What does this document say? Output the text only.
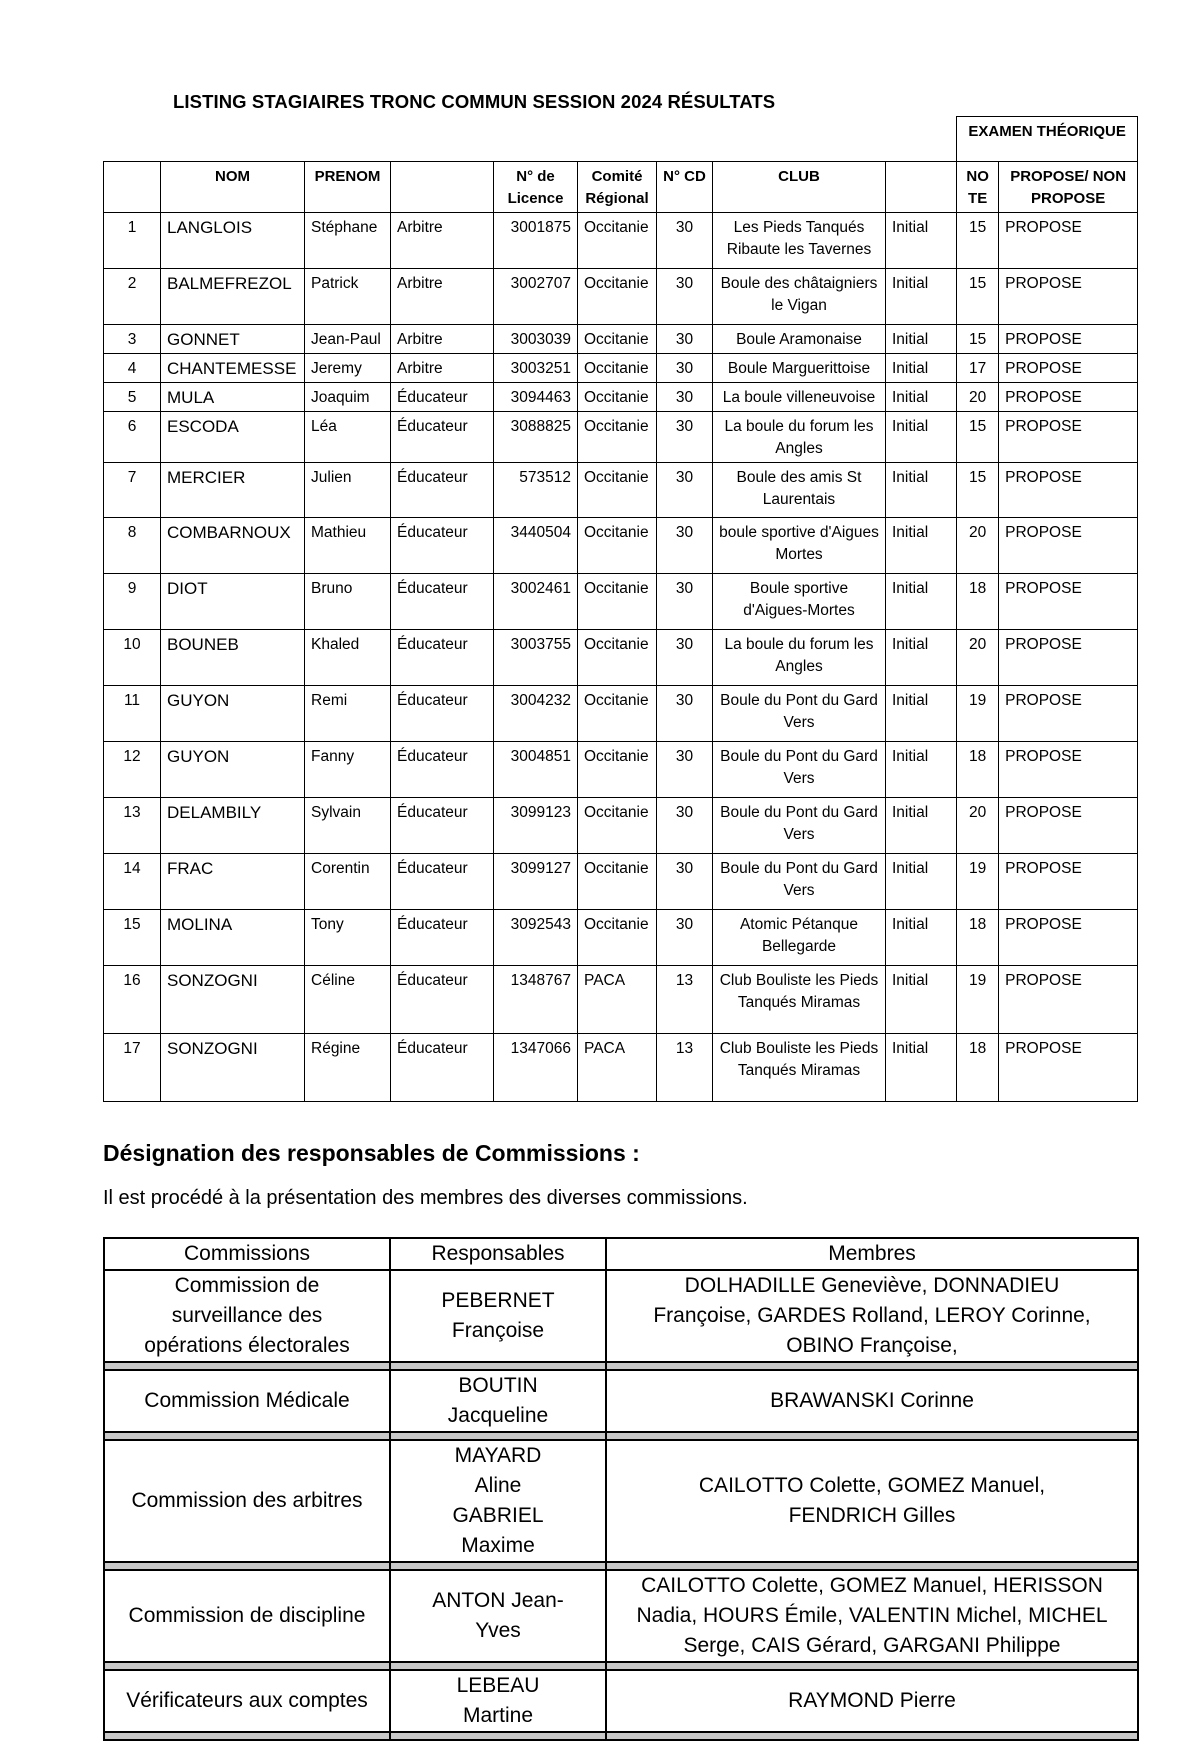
LISTING STAGIAIRES TRONC COMMUN SESSION 2024 RÉSULTATS
									EXAMEN THÉORIQUE	
	NOM	PRENOM		N° de Licence	Comité Régional	N° CD	CLUB		NO TE	PROPOSE/ NON PROPOSE
1	LANGLOIS	Stéphane	Arbitre	3001875	Occitanie	30	Les Pieds Tanqués Ribaute les Tavernes	Initial	15	PROPOSE
2	BALMEFREZOL	Patrick	Arbitre	3002707	Occitanie	30	Boule des châtaigniers le Vigan	Initial	15	PROPOSE
3	GONNET	Jean-Paul	Arbitre	3003039	Occitanie	30	Boule Aramonaise	Initial	15	PROPOSE
4	CHANTEMESSE	Jeremy	Arbitre	3003251	Occitanie	30	Boule Marguerittoise	Initial	17	PROPOSE
5	MULA	Joaquim	Éducateur	3094463	Occitanie	30	La boule villeneuvoise	Initial	20	PROPOSE
6	ESCODA	Léa	Éducateur	3088825	Occitanie	30	La boule du forum les Angles	Initial	15	PROPOSE
7	MERCIER	Julien	Éducateur	573512	Occitanie	30	Boule des amis St Laurentais	Initial	15	PROPOSE
8	COMBARNOUX	Mathieu	Éducateur	3440504	Occitanie	30	boule sportive d'Aigues Mortes	Initial	20	PROPOSE
9	DIOT	Bruno	Éducateur	3002461	Occitanie	30	Boule sportive d'Aigues-Mortes	Initial	18	PROPOSE
10	BOUNEB	Khaled	Éducateur	3003755	Occitanie	30	La boule du forum les Angles	Initial	20	PROPOSE
11	GUYON	Remi	Éducateur	3004232	Occitanie	30	Boule du Pont du Gard Vers	Initial	19	PROPOSE
12	GUYON	Fanny	Éducateur	3004851	Occitanie	30	Boule du Pont du Gard Vers	Initial	18	PROPOSE
13	DELAMBILY	Sylvain	Éducateur	3099123	Occitanie	30	Boule du Pont du Gard Vers	Initial	20	PROPOSE
14	FRAC	Corentin	Éducateur	3099127	Occitanie	30	Boule du Pont du Gard Vers	Initial	19	PROPOSE
15	MOLINA	Tony	Éducateur	3092543	Occitanie	30	Atomic Pétanque Bellegarde	Initial	18	PROPOSE
16	SONZOGNI	Céline	Éducateur	1348767	PACA	13	Club Bouliste les Pieds Tanqués Miramas	Initial	19	PROPOSE
17	SONZOGNI	Régine	Éducateur	1347066	PACA	13	Club Bouliste les Pieds Tanqués Miramas	Initial	18	PROPOSE
Désignation des responsables de Commissions :
Il est procédé à la présentation des membres des diverses commissions.
Commissions	Responsables	Membres
Commission de surveillance des opérations électorales	PEBERNET Françoise	DOLHADILLE Geneviève, DONNADIEU Françoise, GARDES Rolland, LEROY Corinne, OBINO Françoise,

Commission Médicale	BOUTIN Jacqueline	BRAWANSKI Corinne

Commission des arbitres	MAYARD Aline GABRIEL Maxime	CAILOTTO Colette, GOMEZ Manuel, FENDRICH Gilles

Commission de discipline	ANTON Jean-Yves	CAILOTTO Colette, GOMEZ Manuel, HERISSON Nadia, HOURS Émile, VALENTIN Michel, MICHEL Serge, CAIS Gérard, GARGANI Philippe

Vérificateurs aux comptes	LEBEAU Martine	RAYMOND Pierre
